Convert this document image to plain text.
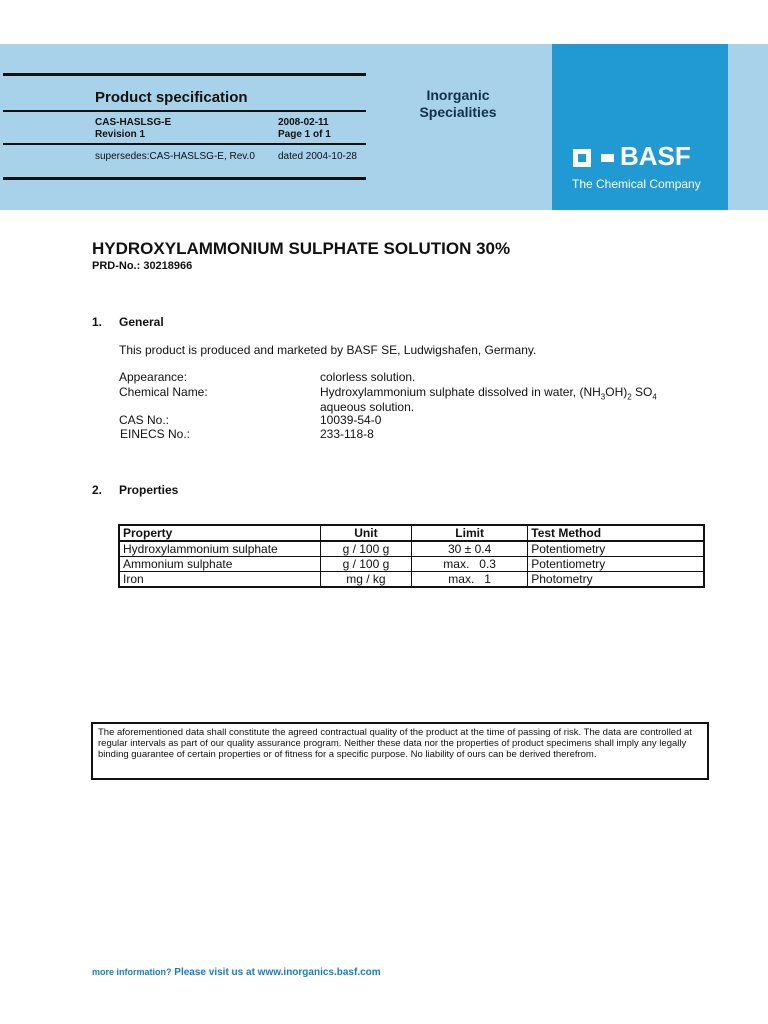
Product specification
CAS-HASLSG-E
Revision 1
2008-02-11
Page 1 of 1
supersedes:CAS-HASLSG-E, Rev.0 dated 2004-10-28
Inorganic
Specialities
BASF
The Chemical Company
HYDROXYLAMMONIUM SULPHATE SOLUTION 30%
PRD-No.: 30218966
1. General
This product is produced and marketed by BASF SE, Ludwigshafen, Germany.
Appearance:	colorless solution.
Chemical Name:	Hydroxylammonium sulphate dissolved in water, $(NH_3OH)_2$ $SO_4$
aqueous solution.
CAS No.:	10039-54-0
EINECS No.:	233-118-8
2. Properties
Property	Unit	Limit	Test Method
Hydroxylammonium sulphate	g / 100 g	30 ± 0.4	Potentiometry
Ammonium sulphate	g / 100 g	max.   0.3	Potentiometry
Iron	mg / kg	max.   1	Photometry
The aforementioned data shall constitute the agreed contractual quality of the product at the time of passing of risk. The data are controlled at regular intervals as part of our quality assurance program. Neither these data nor the properties of product specimens shall imply any legally binding guarantee of certain properties or of fitness for a specific purpose. No liability of ours can be derived therefrom.
more information? Please visit us at www.inorganics.basf.com
